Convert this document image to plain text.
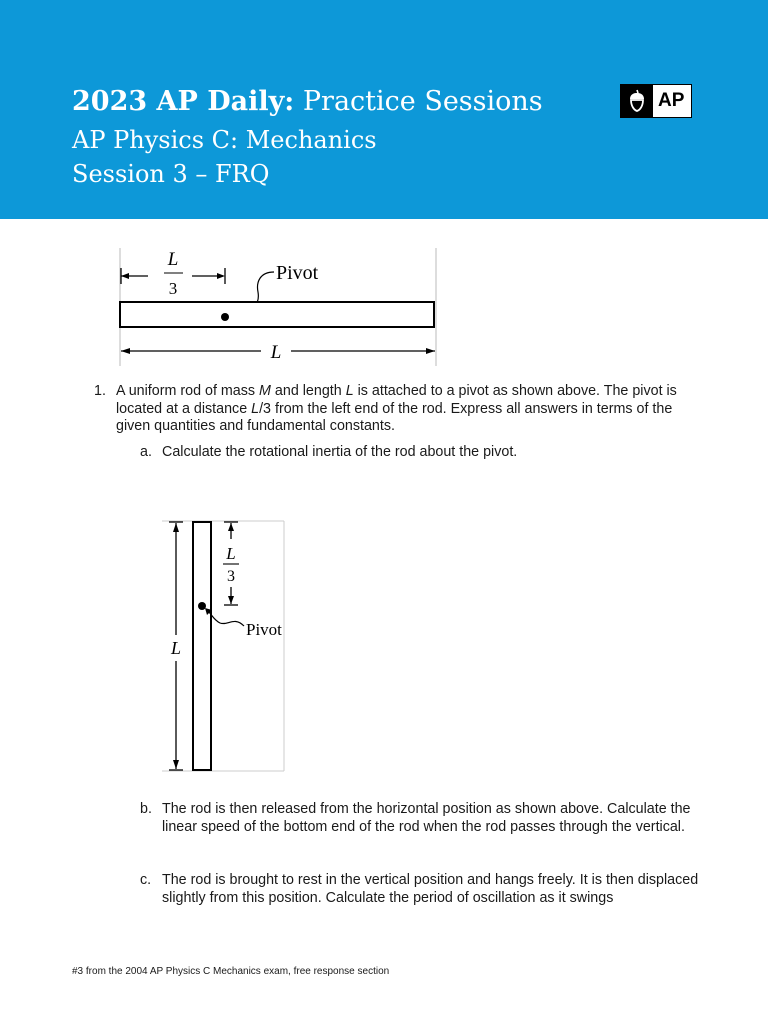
2023 AP Daily: Practice Sessions
AP Physics C: Mechanics
Session 3 – FRQ
AP
L
3
Pivot
L
1. A uniform rod of mass M and length L is attached to a pivot as shown above. The pivot is located at a distance L/3 from the left end of the rod. Express all answers in terms of the given quantities and fundamental constants.
a. Calculate the rotational inertia of the rod about the pivot.
L
L
3
Pivot
b. The rod is then released from the horizontal position as shown above. Calculate the linear speed of the bottom end of the rod when the rod passes through the vertical.
c. The rod is brought to rest in the vertical position and hangs freely. It is then displaced slightly from this position. Calculate the period of oscillation as it swings
#3 from the 2004 AP Physics C Mechanics exam, free response section
